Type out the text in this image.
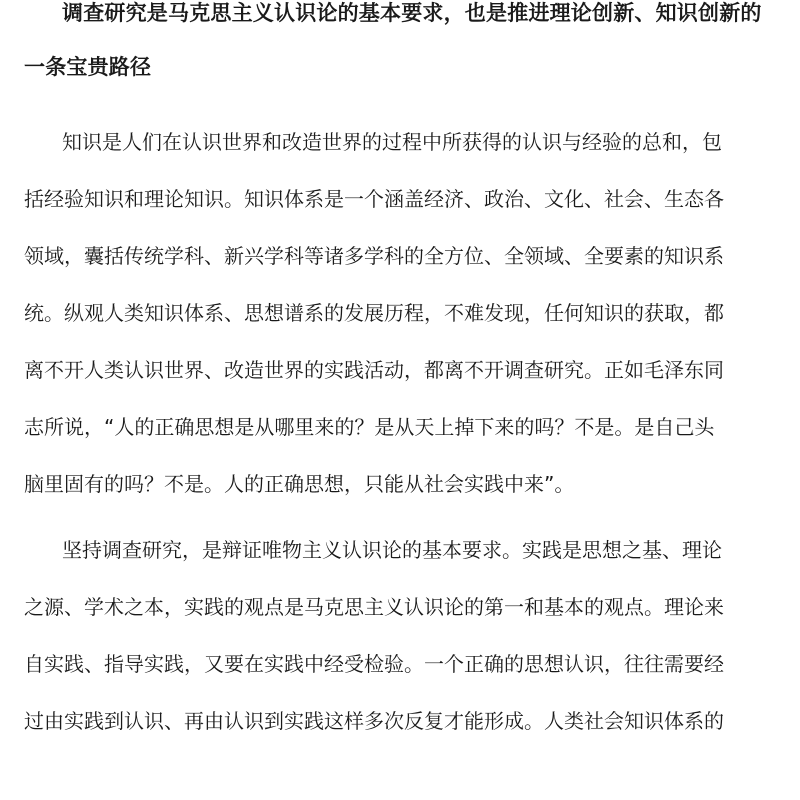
调查研究是马克思主义认识论的基本要求，也是推进理论创新、知识创新的
一条宝贵路径

知识是人们在认识世界和改造世界的过程中所获得的认识与经验的总和，包
括经验知识和理论知识。知识体系是一个涵盖经济、政治、文化、社会、生态各
领域，囊括传统学科、新兴学科等诸多学科的全方位、全领域、全要素的知识系
统。纵观人类知识体系、思想谱系的发展历程，不难发现，任何知识的获取，都
离不开人类认识世界、改造世界的实践活动，都离不开调查研究。正如毛泽东同
志所说，“人的正确思想是从哪里来的？是从天上掉下来的吗？不是。是自己头
脑里固有的吗？不是。人的正确思想，只能从社会实践中来”。

坚持调查研究，是辩证唯物主义认识论的基本要求。实践是思想之基、理论
之源、学术之本，实践的观点是马克思主义认识论的第一和基本的观点。理论来
自实践、指导实践，又要在实践中经受检验。一个正确的思想认识，往往需要经
过由实践到认识、再由认识到实践这样多次反复才能形成。人类社会知识体系的
